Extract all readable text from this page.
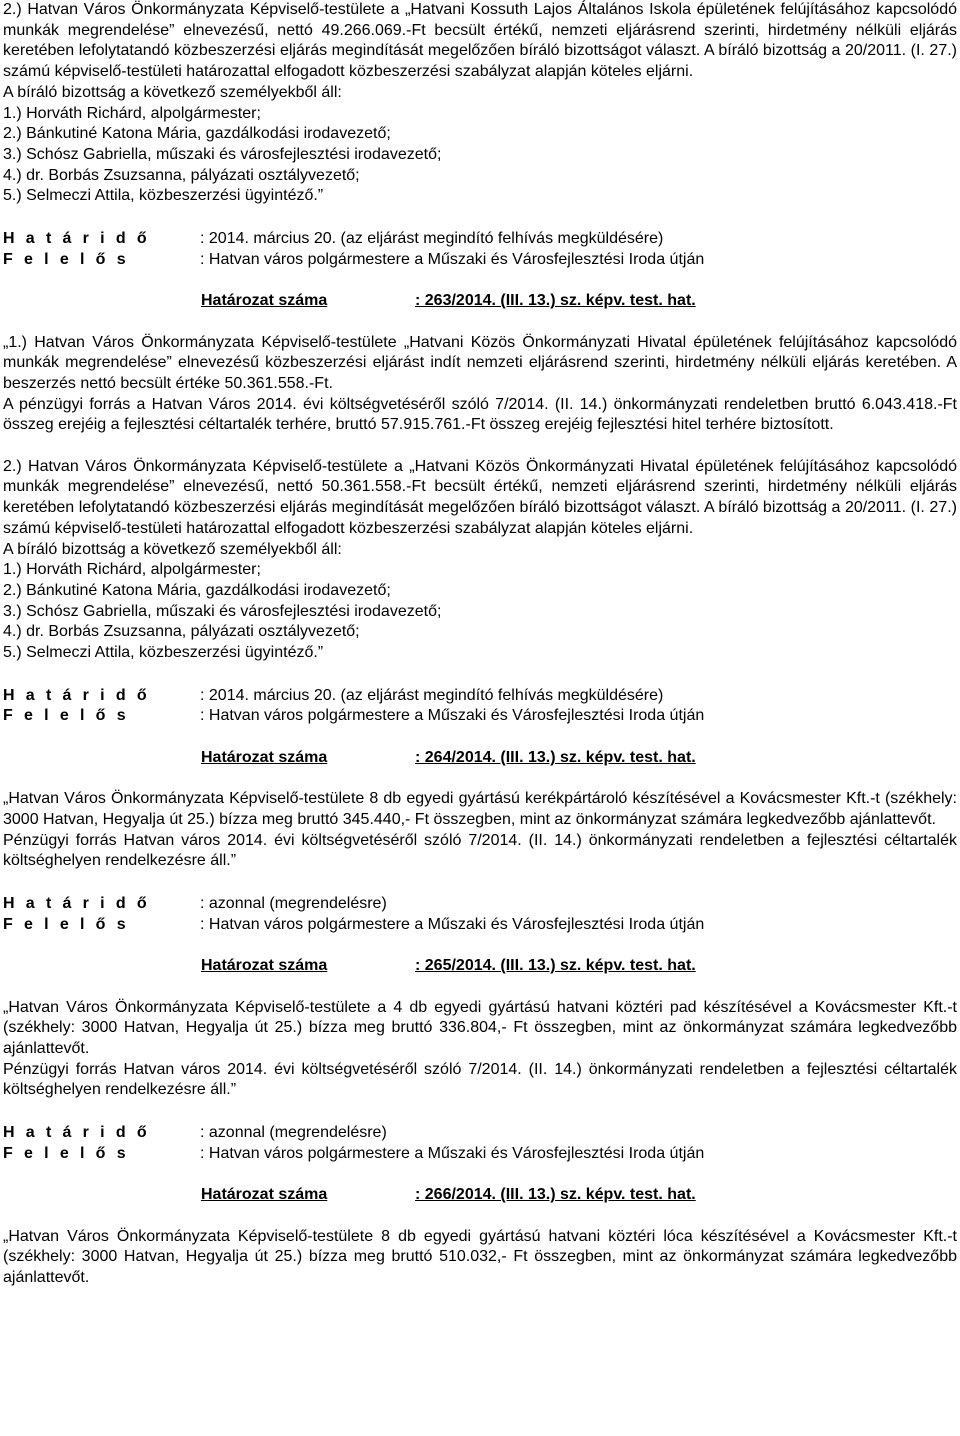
2.) Hatvan Város Önkormányzata Képviselő-testülete a „Hatvani Kossuth Lajos Általános Iskola épületének felújításához kapcsolódó munkák megrendelése” elnevezésű, nettó 49.266.069.-Ft becsült értékű, nemzeti eljárásrend szerinti, hirdetmény nélküli eljárás keretében lefolytatandó közbeszerzési eljárás megindítását megelőzően bíráló bizottságot választ. A bíráló bizottság a 20/2011. (I. 27.) számú képviselő-testületi határozattal elfogadott közbeszerzési szabályzat alapján köteles eljárni.

A bíráló bizottság a következő személyekből áll:
1.) Horváth Richárd, alpolgármester;
2.) Bánkutiné Katona Mária, gazdálkodási irodavezető;
3.) Schósz Gabriella, műszaki és városfejlesztési irodavezető;
4.) dr. Borbás Zsuzsanna, pályázati osztályvezető;
5.) Selmeczi Attila, közbeszerzési ügyintéző.”
H a t á r i d ő	: 2014. március 20. (az eljárást megindító felhívás megküldésére)
F e l e l ő s	: Hatvan város polgármestere a Műszaki és Városfejlesztési Iroda útján
Határozat száma	: 263/2014. (III. 13.) sz. képv. test. hat.

„1.) Hatvan Város Önkormányzata Képviselő-testülete „Hatvani Közös Önkormányzati Hivatal épületének felújításához kapcsolódó munkák megrendelése” elnevezésű közbeszerzési eljárást indít nemzeti eljárásrend szerinti, hirdetmény nélküli eljárás keretében. A beszerzés nettó becsült értéke 50.361.558.-Ft.

A pénzügyi forrás a Hatvan Város 2014. évi költségvetéséről szóló 7/2014. (II. 14.) önkormányzati rendeletben bruttó 6.043.418.-Ft összeg erejéig a fejlesztési céltartalék terhére, bruttó 57.915.761.-Ft összeg erejéig fejlesztési hitel terhére biztosított.

2.) Hatvan Város Önkormányzata Képviselő-testülete a „Hatvani Közös Önkormányzati Hivatal épületének felújításához kapcsolódó munkák megrendelése” elnevezésű, nettó 50.361.558.-Ft becsült értékű, nemzeti eljárásrend szerinti, hirdetmény nélküli eljárás keretében lefolytatandó közbeszerzési eljárás megindítását megelőzően bíráló bizottságot választ. A bíráló bizottság a 20/2011. (I. 27.) számú képviselő-testületi határozattal elfogadott közbeszerzési szabályzat alapján köteles eljárni.

A bíráló bizottság a következő személyekből áll:
1.) Horváth Richárd, alpolgármester;
2.) Bánkutiné Katona Mária, gazdálkodási irodavezető;
3.) Schósz Gabriella, műszaki és városfejlesztési irodavezető;
4.) dr. Borbás Zsuzsanna, pályázati osztályvezető;
5.) Selmeczi Attila, közbeszerzési ügyintéző.”
H a t á r i d ő	: 2014. március 20. (az eljárást megindító felhívás megküldésére)
F e l e l ő s	: Hatvan város polgármestere a Műszaki és Városfejlesztési Iroda útján
Határozat száma	: 264/2014. (III. 13.) sz. képv. test. hat.

„Hatvan Város Önkormányzata Képviselő-testülete 8 db egyedi gyártású kerékpártároló készítésével a Kovácsmester Kft.-t (székhely: 3000 Hatvan, Hegyalja út 25.) bízza meg bruttó 345.440,- Ft összegben, mint az önkormányzat számára legkedvezőbb ajánlattevőt.

Pénzügyi forrás Hatvan város 2014. évi költségvetéséről szóló 7/2014. (II. 14.) önkormányzati rendeletben a fejlesztési céltartalék költséghelyen rendelkezésre áll.”

H a t á r i d ő	: azonnal (megrendelésre)
F e l e l ő s	: Hatvan város polgármestere a Műszaki és Városfejlesztési Iroda útján
Határozat száma	: 265/2014. (III. 13.) sz. képv. test. hat.

„Hatvan Város Önkormányzata Képviselő-testülete a 4 db egyedi gyártású hatvani köztéri pad készítésével a Kovácsmester Kft.-t (székhely: 3000 Hatvan, Hegyalja út 25.) bízza meg bruttó 336.804,- Ft összegben, mint az önkormányzat számára legkedvezőbb ajánlattevőt.

Pénzügyi forrás Hatvan város 2014. évi költségvetéséről szóló 7/2014. (II. 14.) önkormányzati rendeletben a fejlesztési céltartalék költséghelyen rendelkezésre áll.”

H a t á r i d ő	: azonnal (megrendelésre)
F e l e l ő s	: Hatvan város polgármestere a Műszaki és Városfejlesztési Iroda útján
Határozat száma	: 266/2014. (III. 13.) sz. képv. test. hat.

„Hatvan Város Önkormányzata Képviselő-testülete 8 db egyedi gyártású hatvani köztéri lóca készítésével a Kovácsmester Kft.-t (székhely: 3000 Hatvan, Hegyalja út 25.) bízza meg bruttó 510.032,- Ft összegben, mint az önkormányzat számára legkedvezőbb ajánlattevőt.
